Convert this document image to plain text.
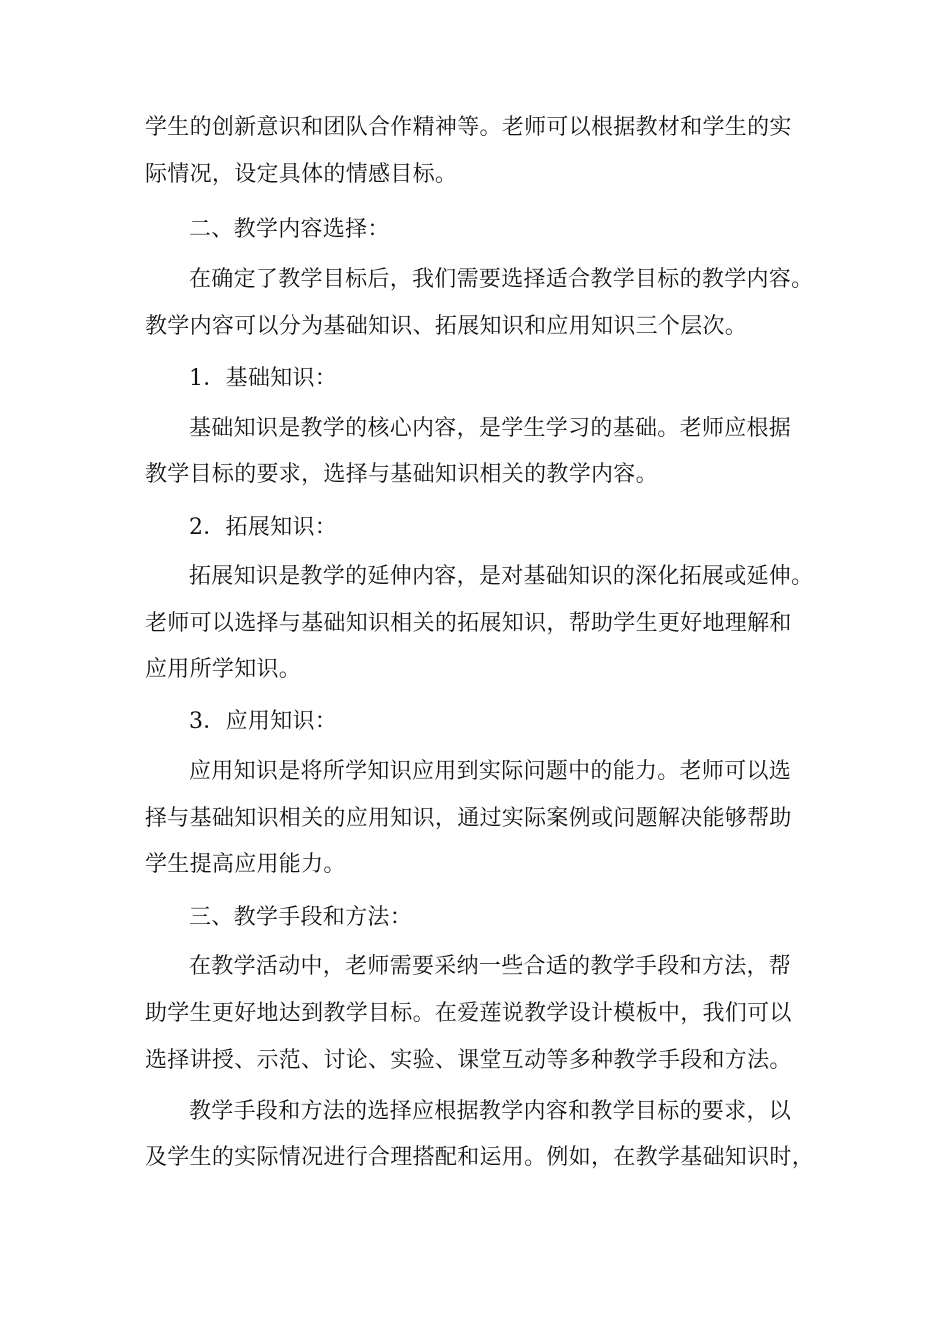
学生的创新意识和团队合作精神等。老师可以根据教材和学生的实

际情况，设定具体的情感目标。

二、教学内容选择：

在确定了教学目标后，我们需要选择适合教学目标的教学内容。

教学内容可以分为基础知识、拓展知识和应用知识三个层次。

1．基础知识：

基础知识是教学的核心内容，是学生学习的基础。老师应根据

教学目标的要求，选择与基础知识相关的教学内容。

2．拓展知识：

拓展知识是教学的延伸内容，是对基础知识的深化拓展或延伸。

老师可以选择与基础知识相关的拓展知识，帮助学生更好地理解和

应用所学知识。

3．应用知识：

应用知识是将所学知识应用到实际问题中的能力。老师可以选

择与基础知识相关的应用知识，通过实际案例或问题解决能够帮助

学生提高应用能力。

三、教学手段和方法：

在教学活动中，老师需要采纳一些合适的教学手段和方法，帮

助学生更好地达到教学目标。在爱莲说教学设计模板中，我们可以

选择讲授、示范、讨论、实验、课堂互动等多种教学手段和方法。

教学手段和方法的选择应根据教学内容和教学目标的要求，以

及学生的实际情况进行合理搭配和运用。例如，在教学基础知识时，
